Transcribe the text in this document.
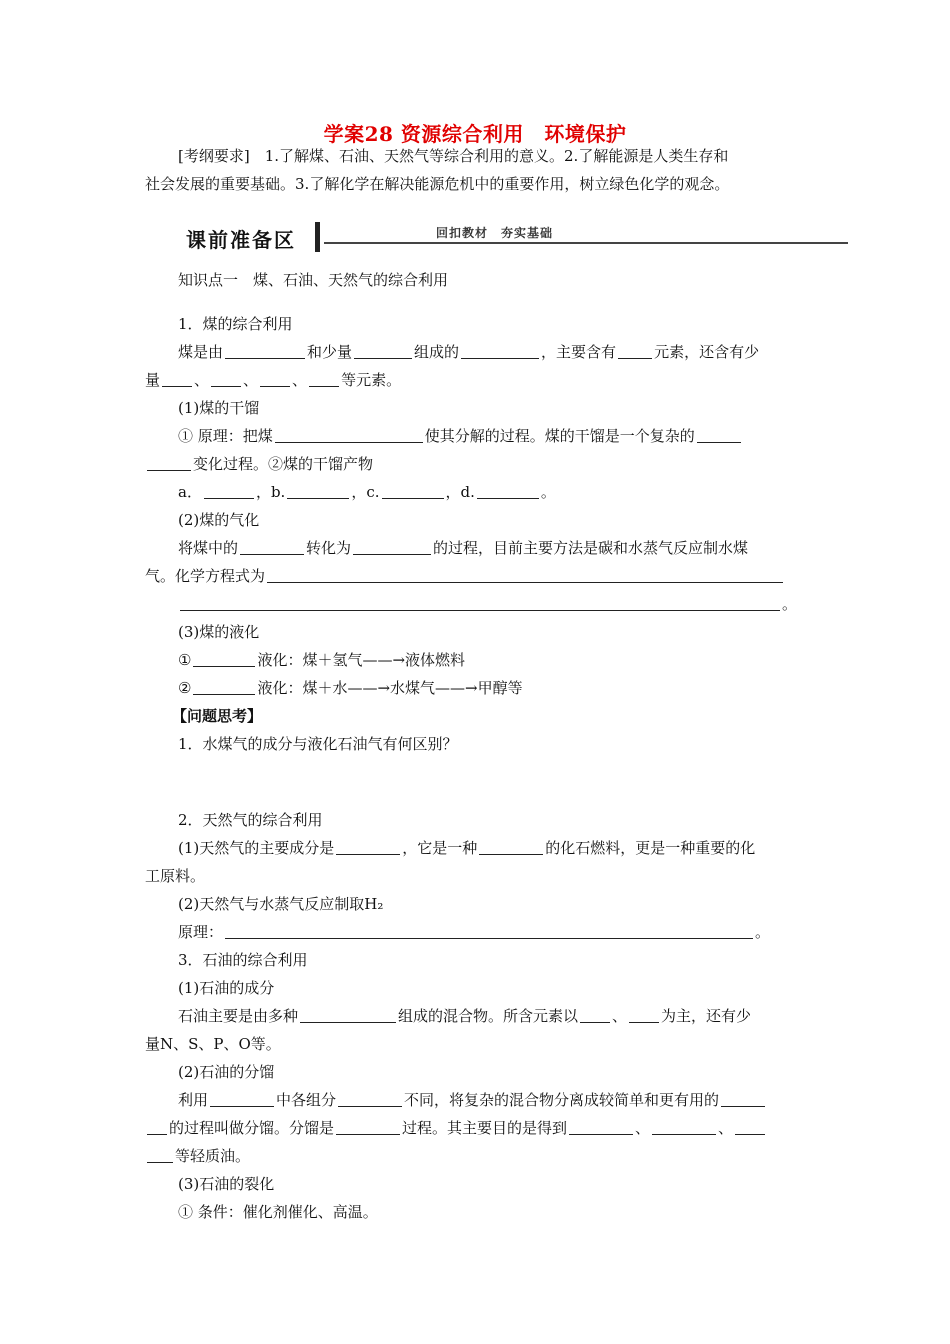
学案28 资源综合利用　环境保护
[考纲要求]　1.了解煤、石油、天然气等综合利用的意义。2.了解能源是人类生存和
社会发展的重要基础。3.了解化学在解决能源危机中的重要作用，树立绿色化学的观念。
课前准备区	回扣教材　夯实基础
知识点一　煤、石油、天然气的综合利用
1．煤的综合利用
煤是由	和少量	组成的	，主要含有	元素，还含有少
量 、 、 、 等元素。
(1)煤的干馏
① 原理：把煤	使其分解的过程。煤的干馏是一个复杂的
变化过程。②煤的干馏产物
a．	，b.	，c.	，d.	。
(2)煤的气化
将煤中的	转化为	的过程，目前主要方法是碳和水蒸气反应制水煤
气。化学方程式为
。
(3)煤的液化
①	液化：煤＋氢气——→液体燃料
②	液化：煤＋水——→水煤气——→甲醇等
【问题思考】
1．水煤气的成分与液化石油气有何区别？
2．天然气的综合利用
(1)天然气的主要成分是	，它是一种	的化石燃料，更是一种重要的化
工原料。
(2)天然气与水蒸气反应制取H₂
原理：	。
3．石油的综合利用
(1)石油的成分
石油主要是由多种	组成的混合物。所含元素以 、 为主，还有少
量N、S、P、O等。
(2)石油的分馏
利用	中各组分	不同，将复杂的混合物分离成较简单和更有用的
的过程叫做分馏。分馏是	过程。其主要目的是得到	、	、
等轻质油。
(3)石油的裂化
① 条件：催化剂催化、高温。
